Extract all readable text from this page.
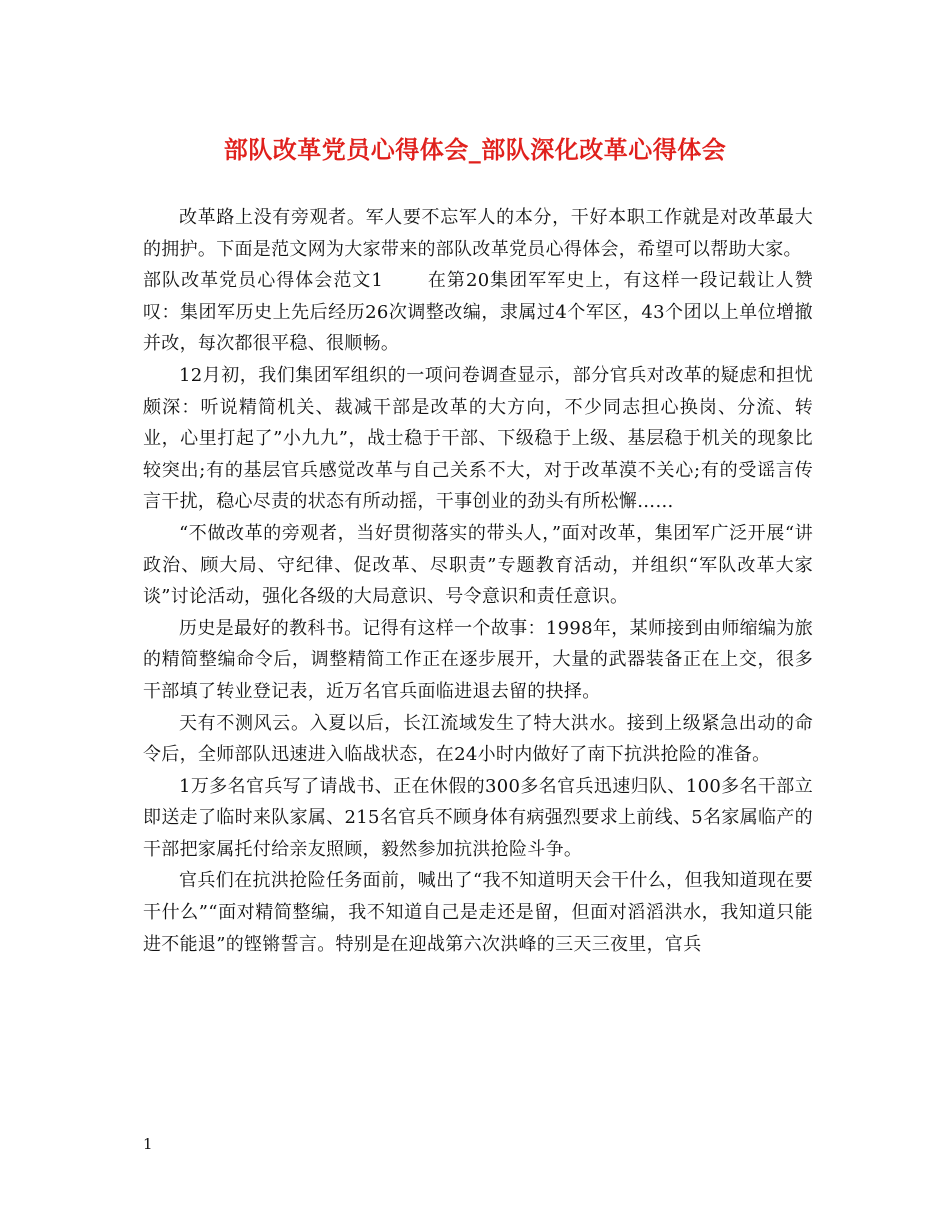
部队改革党员心得体会_部队深化改革心得体会

改革路上没有旁观者。军人要不忘军人的本分，干好本职工作就是对改革最大的拥护。下面是范文网为大家带来的部队改革党员心得体会，希望可以帮助大家。

部队改革党员心得体会范文1 在第20集团军军史上，有这样一段记载让人赞叹：集团军历史上先后经历26次调整改编，隶属过4个军区，43个团以上单位增撤并改，每次都很平稳、很顺畅。

12月初，我们集团军组织的一项问卷调查显示，部分官兵对改革的疑虑和担忧颇深：听说精简机关、裁减干部是改革的大方向，不少同志担心换岗、分流、转业，心里打起了”小九九”，战士稳于干部、下级稳于上级、基层稳于机关的现象比较突出;有的基层官兵感觉改革与自己关系不大，对于改革漠不关心;有的受谣言传言干扰，稳心尽责的状态有所动摇，干事创业的劲头有所松懈……

“不做改革的旁观者，当好贯彻落实的带头人，”面对改革，集团军广泛开展“讲政治、顾大局、守纪律、促改革、尽职责”专题教育活动，并组织“军队改革大家谈”讨论活动，强化各级的大局意识、号令意识和责任意识。

历史是最好的教科书。记得有这样一个故事：1998年，某师接到由师缩编为旅的精简整编命令后，调整精简工作正在逐步展开，大量的武器装备正在上交，很多干部填了转业登记表，近万名官兵面临进退去留的抉择。

天有不测风云。入夏以后，长江流域发生了特大洪水。接到上级紧急出动的命令后，全师部队迅速进入临战状态，在24小时内做好了南下抗洪抢险的准备。

1万多名官兵写了请战书、正在休假的300多名官兵迅速归队、100多名干部立即送走了临时来队家属、215名官兵不顾身体有病强烈要求上前线、5名家属临产的干部把家属托付给亲友照顾，毅然参加抗洪抢险斗争。

官兵们在抗洪抢险任务面前，喊出了“我不知道明天会干什么，但我知道现在要干什么”“面对精简整编，我不知道自己是走还是留，但面对滔滔洪水，我知道只能进不能退”的铿锵誓言。特别是在迎战第六次洪峰的三天三夜里，官兵

1
